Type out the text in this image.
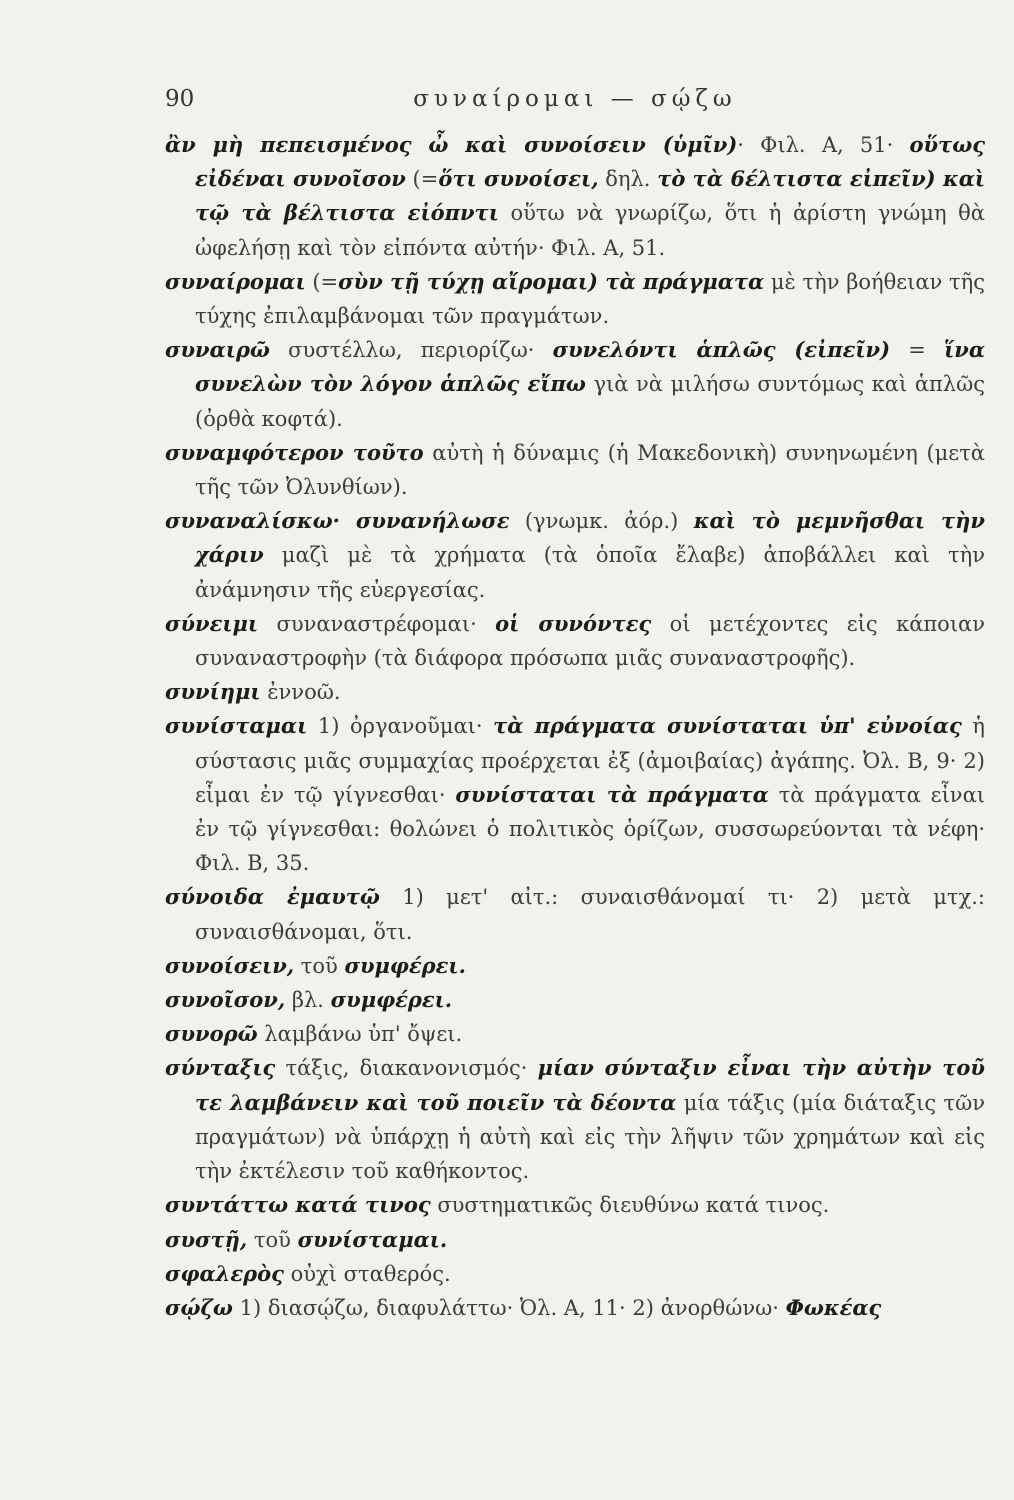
90	συναίρομαι — σῴζω

ἂν μὴ πεπεισμένος ὦ καὶ συνοίσειν (ὑμῖν)· Φιλ. Α, 51· οὕτως εἰδέναι συνοῖσον (=ὅτι συνοίσει, δηλ. τὸ τὰ 6έλτιστα εἰπεῖν) καὶ τῷ τὰ βέλτιστα εἰόπντι οὕτω νὰ γνωρίζω, ὅτι ἡ ἀρίστη γνώμη θὰ ὠφελήσῃ καὶ τὸν εἰπόντα αὐτήν· Φιλ. Α, 51.

συναίρομαι (=σὺν τῇ τύχῃ αἴρομαι) τὰ πράγματα μὲ τὴν βοήθειαν τῆς τύχης ἐπιλαμβάνομαι τῶν πραγμάτων.

συναιρῶ συστέλλω, περιορίζω· συνελόντι ἁπλῶς (εἰπεῖν) = ἵνα συνελὼν τὸν λόγον ἁπλῶς εἴπω γιὰ νὰ μιλήσω συντόμως καὶ ἁπλῶς (ὀρθὰ κοφτά).

συναμφότερον τοῦτο αὐτὴ ἡ δύναμις (ἡ Μακεδονικὴ) συνηνωμένη (μετὰ τῆς τῶν Ὀλυνθίων).

συναναλίσκω· συνανήλωσε (γνωμκ. ἀόρ.) καὶ τὸ μεμνῆσθαι τὴν χάριν μαζὶ μὲ τὰ χρήματα (τὰ ὁποῖα ἔλαβε) ἀποβάλλει καὶ τὴν ἀνάμνησιν τῆς εὐεργεσίας.

σύνειμι συναναστρέφομαι· οἱ συνόντες οἱ μετέχοντες εἰς κάποιαν συναναστροφὴν (τὰ διάφορα πρόσωπα μιᾶς συναναστροφῆς).

συνίημι ἐννοῶ.

συνίσταμαι 1) ὀργανοῦμαι· τὰ πράγματα συνίσταται ὑπ' εὐνοίας ἡ σύστασις μιᾶς συμμαχίας προέρχεται ἐξ (ἀμοιβαίας) ἀγάπης. Ὀλ. Β, 9· 2) εἶμαι ἐν τῷ γίγνεσθαι· συνίσταται τὰ πράγματα τὰ πράγματα εἶναι ἐν τῷ γίγνεσθαι: θολώνει ὁ πολιτικὸς ὁρίζων, συσσωρεύονται τὰ νέφη· Φιλ. Β, 35.

σύνοιδα ἐμαυτῷ 1) μετ' αἰτ.: συναισθάνομαί τι· 2) μετὰ μτχ.: συναισθάνομαι, ὅτι.

συνοίσειν, τοῦ συμφέρει.

συνοῖσον, βλ. συμφέρει.

συνορῶ λαμβάνω ὑπ' ὄψει.

σύνταξις τάξις, διακανονισμός· μίαν σύνταξιν εἶναι τὴν αὐτὴν τοῦ τε λαμβάνειν καὶ τοῦ ποιεῖν τὰ δέοντα μία τάξις (μία διάταξις τῶν πραγμάτων) νὰ ὑπάρχῃ ἡ αὐτὴ καὶ εἰς τὴν λῆψιν τῶν χρημάτων καὶ εἰς τὴν ἐκτέλεσιν τοῦ καθήκοντος.

συντάττω κατά τινος συστηματικῶς διευθύνω κατά τινος.

συστῇ, τοῦ συνίσταμαι.

σφαλερὸς οὐχὶ σταθερός.

σῴζω 1) διασῴζω, διαφυλάττω· Ὀλ. Α, 11· 2) ἀνορθώνω· Φωκέας
